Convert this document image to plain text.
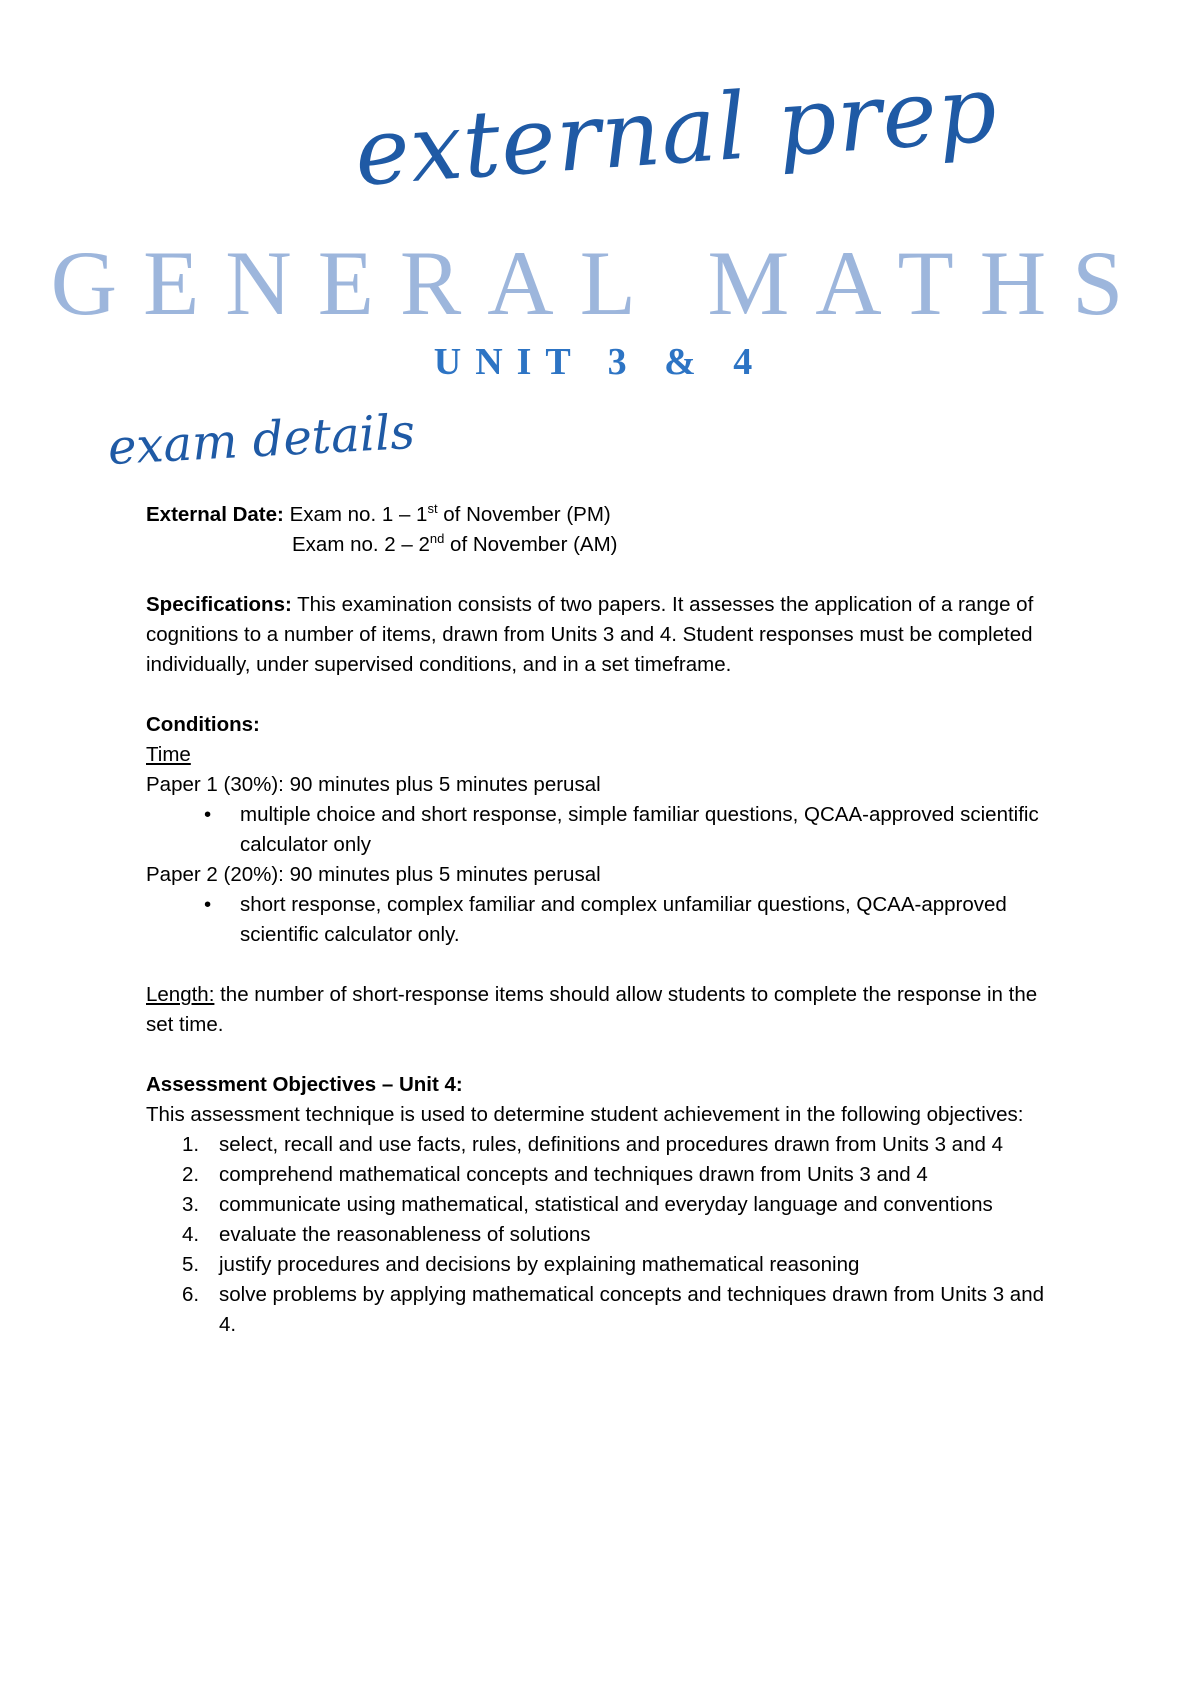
external prep
GENERAL MATHS
UNIT 3 & 4
exam details
External Date: Exam no. 1 – 1st of November (PM)
Exam no. 2 – 2nd of November (AM)
Specifications: This examination consists of two papers. It assesses the application of a range of cognitions to a number of items, drawn from Units 3 and 4. Student responses must be completed individually, under supervised conditions, and in a set timeframe.
Conditions:
Time
Paper 1 (30%): 90 minutes plus 5 minutes perusal
• multiple choice and short response, simple familiar questions, QCAA-approved scientific calculator only
Paper 2 (20%): 90 minutes plus 5 minutes perusal
• short response, complex familiar and complex unfamiliar questions, QCAA-approved scientific calculator only.
Length: the number of short-response items should allow students to complete the response in the set time.
Assessment Objectives – Unit 4:
This assessment technique is used to determine student achievement in the following objectives:
1. select, recall and use facts, rules, definitions and procedures drawn from Units 3 and 4
2. comprehend mathematical concepts and techniques drawn from Units 3 and 4
3. communicate using mathematical, statistical and everyday language and conventions
4. evaluate the reasonableness of solutions
5. justify procedures and decisions by explaining mathematical reasoning
6. solve problems by applying mathematical concepts and techniques drawn from Units 3 and 4.
